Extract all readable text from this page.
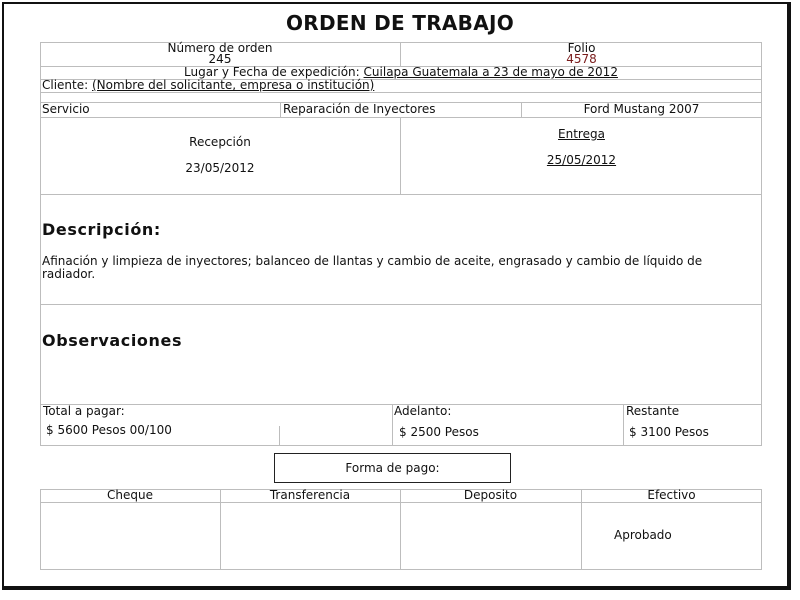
ORDEN DE TRABAJO
Número de orden
245
Folio
4578
Lugar y Fecha de expedición: Cuilapa Guatemala a 23 de mayo de 2012
Cliente: (Nombre del solicitante, empresa o institución)
Servicio	Reparación de Inyectores	Ford Mustang 2007
Recepción
23/05/2012
Entrega
25/05/2012
Descripción:
Afinación y limpieza de inyectores; balanceo de llantas y cambio de aceite, engrasado y cambio de líquido de radiador.
Observaciones
Total a pagar:
$ 5600 Pesos 00/100
Adelanto:
$ 2500 Pesos
Restante
$ 3100 Pesos
Forma de pago:
Cheque	Transferencia	Deposito	Efectivo
Aprobado
